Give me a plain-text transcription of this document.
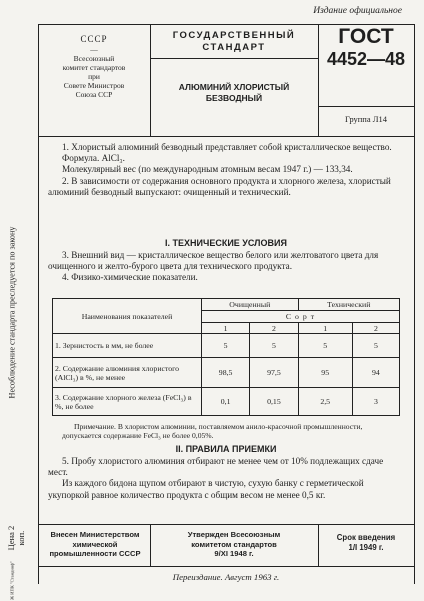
Издание официальное
Несоблюдение стандарта преследуется по закону
Цена 2 коп.
Ж ИПК "Стандинф"
СССР
—
Всесоюзный
комитет стандартов
при
Совете Министров
Союза ССР
ГОСУДАРСТВЕННЫЙ
СТАНДАРТ
АЛЮМИНИЙ ХЛОРИСТЫЙ
БЕЗВОДНЫЙ
ГОСТ
4452—48
Группа Л14
1. Хлористый алюминий безводный представляет собой кристаллическое вещество.
Формула. AlCl₃.
Молекулярный вес (по международным атомным весам 1947 г.) — 133,34.
2. В зависимости от содержания основного продукта и хлорного железа, хлористый алюминий безводный выпускают: очищенный и технический.
I. ТЕХНИЧЕСКИЕ УСЛОВИЯ
3. Внешний вид — кристаллическое вещество белого или желтоватого цвета для очищенного и желто-бурого цвета для технического продукта.
4. Физико-химические показатели.
Наименования показателей	Очищенный		Технический	
	С о р т			
	1	2	1	2
1. Зернистость в мм, не более	5	5	5	5
2. Содержание алюминия хлористого (AlCl₃) в %, не менее	98,5	97,5	95	94
3. Содержание хлорного железа (FeCl₃) в %, не более	0,1	0,15	2,5	3
Примечание. В хлористом алюминии, поставляемом анило-красочной промышленности, допускается содержание FeCl₃ не более 0,05%.
II. ПРАВИЛА ПРИЕМКИ
5. Пробу хлористого алюминия отбирают не менее чем от 10% подлежащих сдаче мест.
Из каждого бидона щупом отбирают в чистую, сухую банку с герметической укупоркой равное количество продукта с общим весом не менее 0,5 кг.
Внесен Министерством
химической
промышленности СССР
Утвержден Всесоюзным
комитетом стандартов
9/XI 1948 г.
Срок введения
1/I 1949 г.
Переиздание. Август 1963 г.
